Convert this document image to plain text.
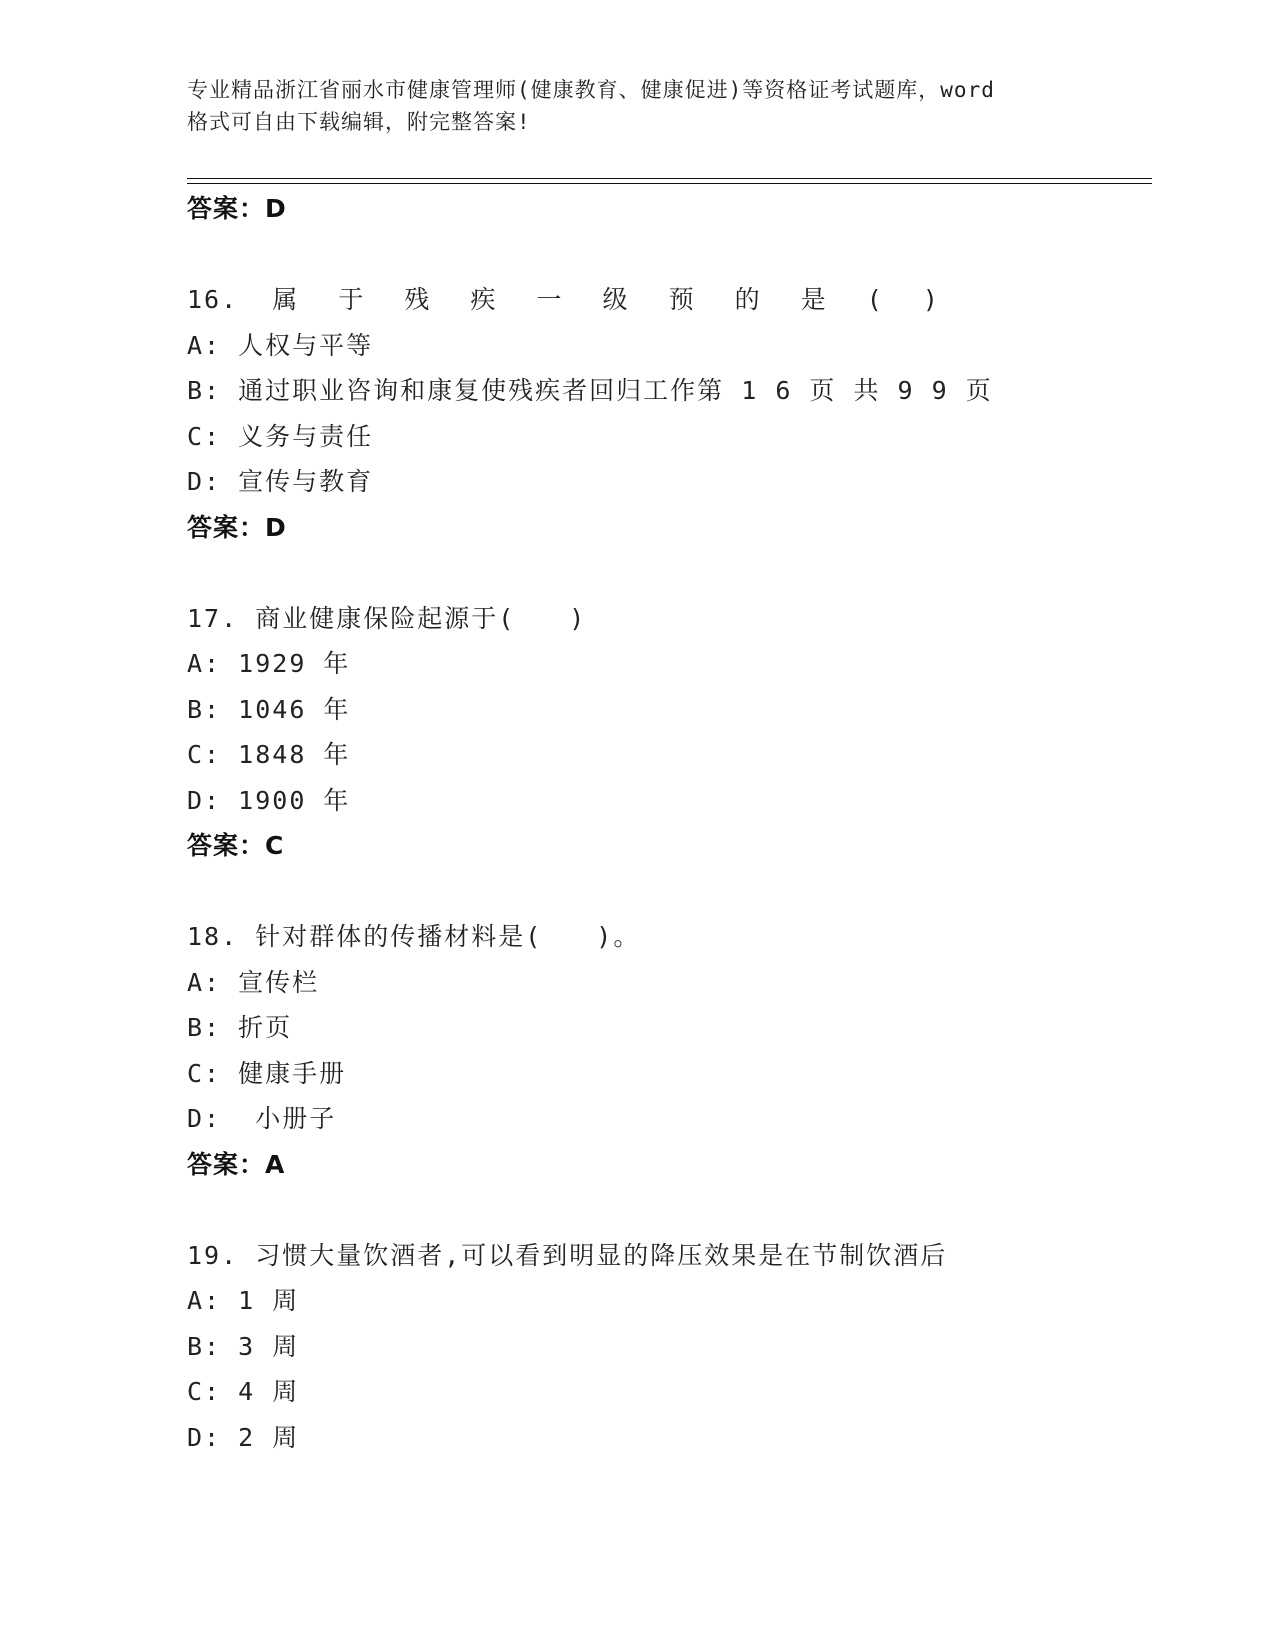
专业精品浙江省丽水市健康管理师(健康教育、健康促进)等资格证考试题库，word
格式可自由下载编辑，附完整答案!
答案：D
16. 属 于 残 疾 一 级 预 的 是 ( )
A: 人权与平等
B: 通过职业咨询和康复使残疾者回归工作第 1 6 页 共 9 9 页
C: 义务与责任
D: 宣传与教育
答案：D
17. 商业健康保险起源于(　　)
A: 1929 年
B: 1046 年
C: 1848 年
D: 1900 年
答案：C
18. 针对群体的传播材料是(　　)。
A: 宣传栏
B: 折页
C: 健康手册
D:  小册子
答案：A
19. 习惯大量饮酒者,可以看到明显的降压效果是在节制饮酒后
A: 1 周
B: 3 周
C: 4 周
D: 2 周
